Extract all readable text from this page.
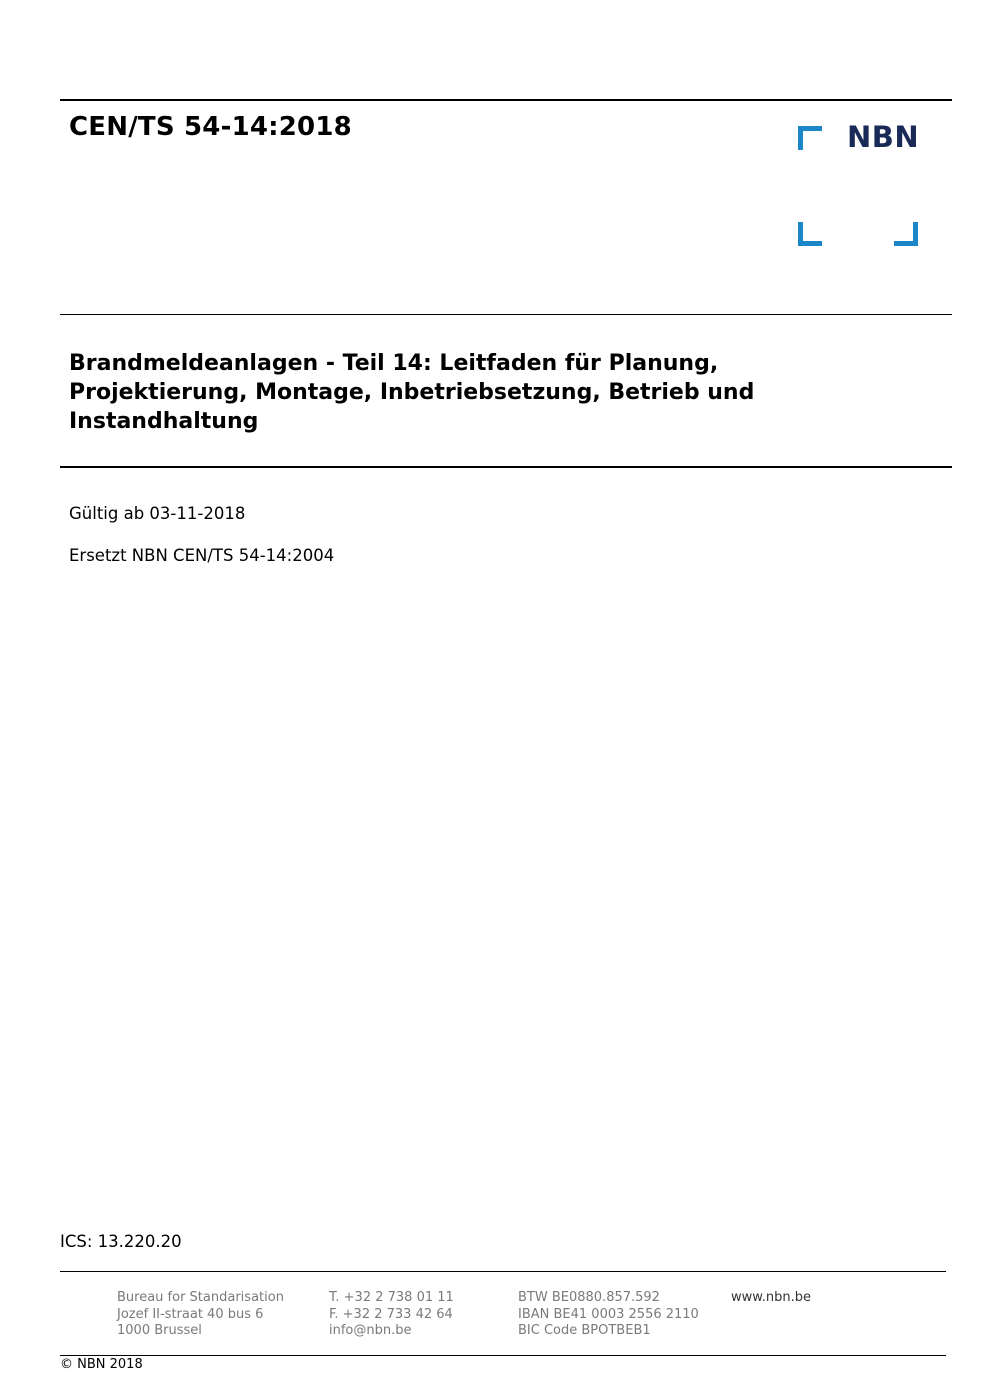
CEN/TS 54-14:2018	NBN
Brandmeldeanlagen - Teil 14: Leitfaden für Planung,
Projektierung, Montage, Inbetriebsetzung, Betrieb und
Instandhaltung
Gültig ab 03-11-2018
Ersetzt NBN CEN/TS 54-14:2004
ICS: 13.220.20
Bureau for Standarisation
Jozef II-straat 40 bus 6
1000 Brussel
T. +32 2 738 01 11
F. +32 2 733 42 64
info@nbn.be
BTW BE0880.857.592
IBAN BE41 0003 2556 2110
BIC Code BPOTBEB1
www.nbn.be
© NBN 2018
